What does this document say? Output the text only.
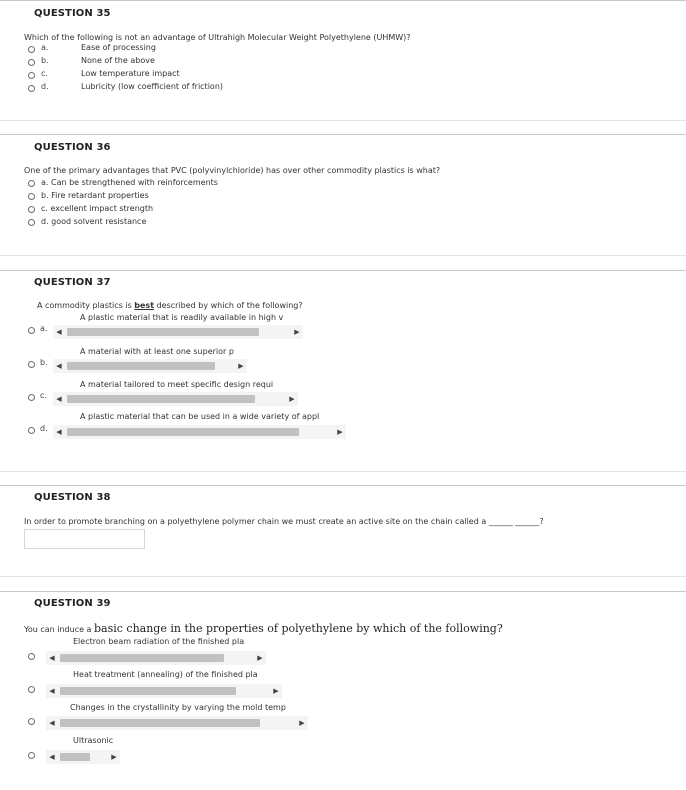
QUESTION 35
Which of the following is not an advantage of Ultrahigh Molecular Weight Polyethylene (UHMW)?
a.	Ease of processing
b.	None of the above
c.	Low temperature impact
d.	Lubricity (low coefficient of friction)
QUESTION 36
One of the primary advantages that PVC (polyvinylchloride) has over other commodity plastics is what?
a. Can be strengthened with reinforcements
b. Fire retardant properties
c. excellent impact strength
d. good solvent resistance
QUESTION 37
A commodity plastics is best described by which of the following?
A plastic material that is readily available in high v
a.	◀	▶
A material with at least one superior p
b.	◀	▶
A material tailored to meet specific design requi
c.	◀	▶
A plastic material that can be used in a wide variety of appl
d.	◀	▶
QUESTION 38
In order to promote branching on a polyethylene polymer chain we must create an active site on the chain called a ______ ______?
QUESTION 39
You can induce a basic change in the properties of polyethylene by which of the following?
Electron beam radiation of the finished pla
◀	▶
Heat treatment (annealing) of the finished pla
◀	▶
Changes in the crystallinity by varying the mold temp
◀	▶
Ultrasonic
◀	▶
